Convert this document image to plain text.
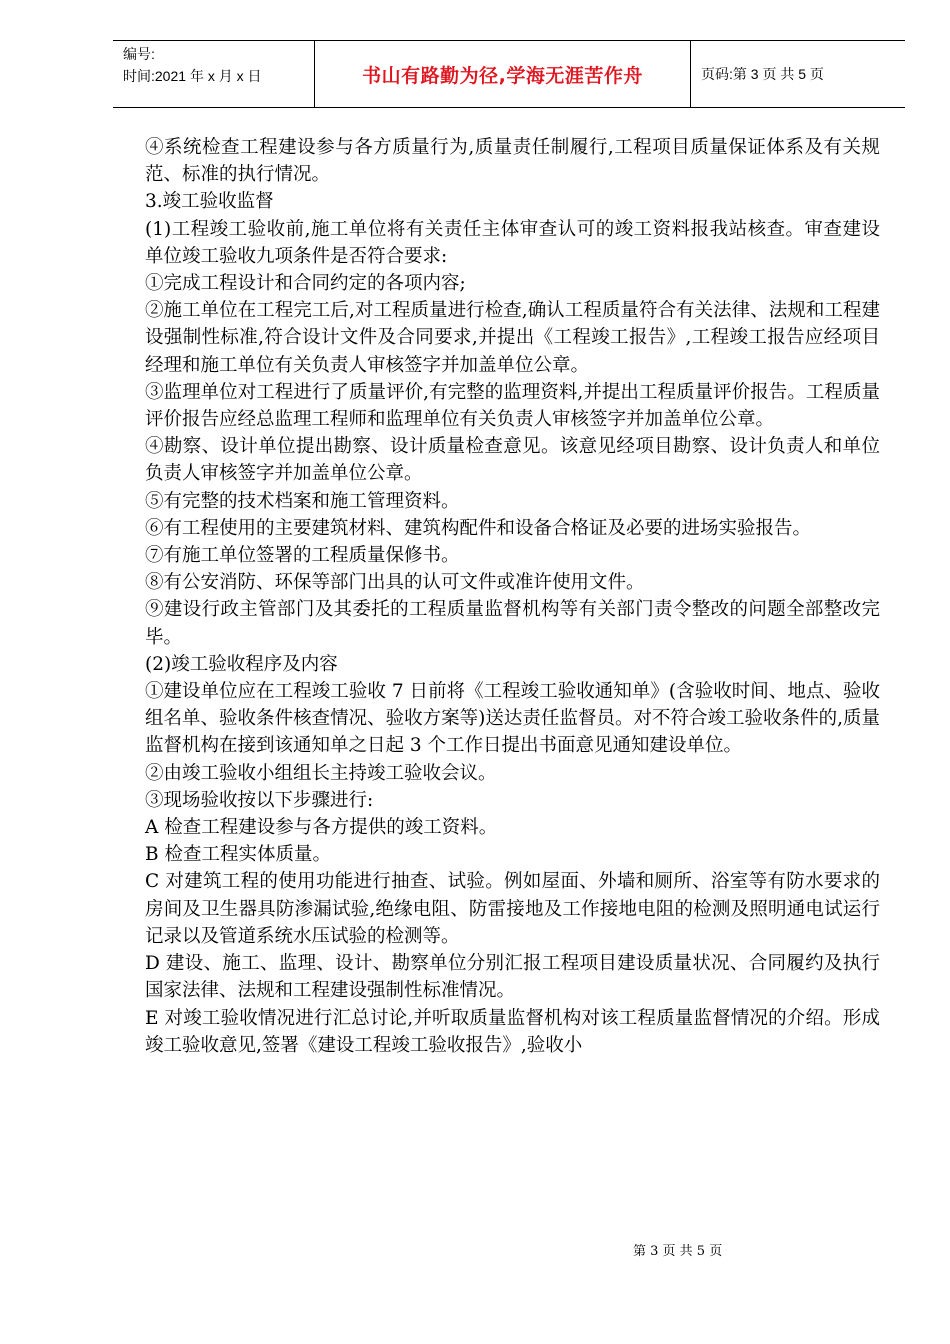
编号:
时间:2021 年 x 月 x 日	书山有路勤为径,学海无涯苦作舟	页码:第 3 页 共 5 页

④系统检查工程建设参与各方质量行为,质量责任制履行,工程项目质量保证体系及有关规范、标准的执行情况。

3.竣工验收监督

(1)工程竣工验收前,施工单位将有关责任主体审查认可的竣工资料报我站核查。审查建设单位竣工验收九项条件是否符合要求:

①完成工程设计和合同约定的各项内容;

②施工单位在工程完工后,对工程质量进行检查,确认工程质量符合有关法律、法规和工程建设强制性标准,符合设计文件及合同要求,并提出《工程竣工报告》,工程竣工报告应经项目经理和施工单位有关负责人审核签字并加盖单位公章。

③监理单位对工程进行了质量评价,有完整的监理资料,并提出工程质量评价报告。工程质量评价报告应经总监理工程师和监理单位有关负责人审核签字并加盖单位公章。

④勘察、设计单位提出勘察、设计质量检查意见。该意见经项目勘察、设计负责人和单位负责人审核签字并加盖单位公章。

⑤有完整的技术档案和施工管理资料。

⑥有工程使用的主要建筑材料、建筑构配件和设备合格证及必要的进场实验报告。

⑦有施工单位签署的工程质量保修书。

⑧有公安消防、环保等部门出具的认可文件或准许使用文件。

⑨建设行政主管部门及其委托的工程质量监督机构等有关部门责令整改的问题全部整改完毕。

(2)竣工验收程序及内容

①建设单位应在工程竣工验收 7 日前将《工程竣工验收通知单》(含验收时间、地点、验收组名单、验收条件核查情况、验收方案等)送达责任监督员。对不符合竣工验收条件的,质量监督机构在接到该通知单之日起 3 个工作日提出书面意见通知建设单位。

②由竣工验收小组组长主持竣工验收会议。

③现场验收按以下步骤进行:

A 检查工程建设参与各方提供的竣工资料。

B 检查工程实体质量。

C 对建筑工程的使用功能进行抽查、试验。例如屋面、外墙和厕所、浴室等有防水要求的房间及卫生器具防渗漏试验,绝缘电阻、防雷接地及工作接地电阻的检测及照明通电试运行记录以及管道系统水压试验的检测等。

D 建设、施工、监理、设计、勘察单位分别汇报工程项目建设质量状况、合同履约及执行国家法律、法规和工程建设强制性标准情况。

E 对竣工验收情况进行汇总讨论,并听取质量监督机构对该工程质量监督情况的介绍。形成竣工验收意见,签署《建设工程竣工验收报告》,验收小

第 3 页 共 5 页
